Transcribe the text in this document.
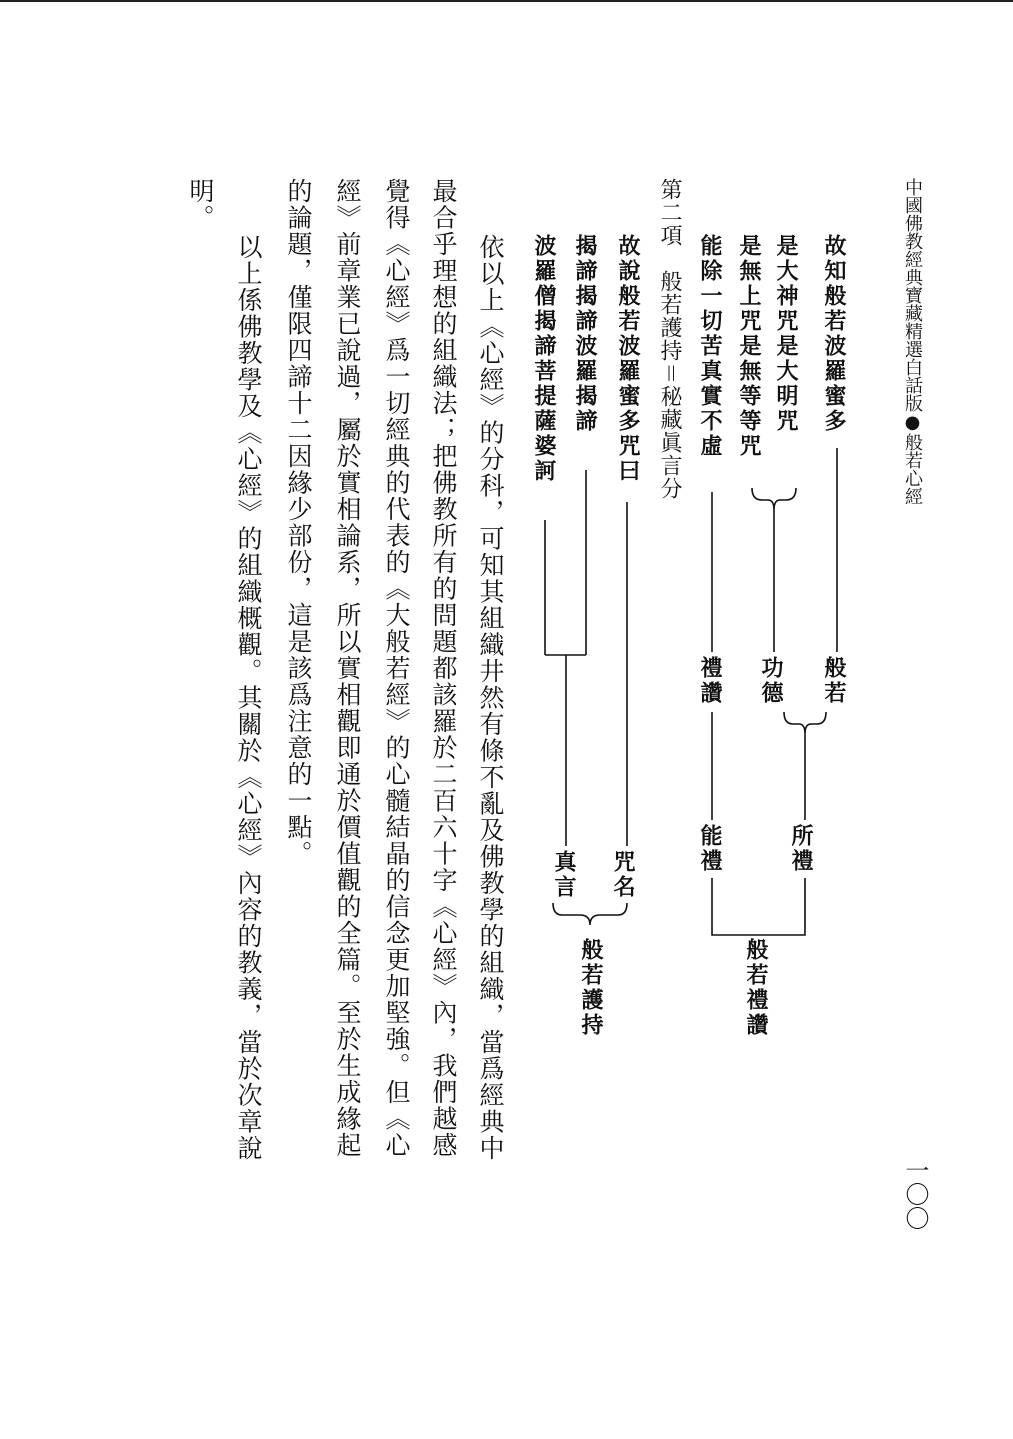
中國佛教經典寶藏精選白話版●般若心經
一〇〇
故知般若波羅蜜多
是大神咒是大明咒
是無上咒是無等等咒
能除一切苦真實不虛
般若
功德
禮讚
所禮
能禮
般若禮讚
第二項　般若護持＝秘藏眞言分
故說般若波羅蜜多咒曰
揭諦揭諦波羅揭諦
波羅僧揭諦菩提薩婆訶
咒名
真言
般若護持
依以上《心經》的分科，可知其組織井然有條不亂及佛教學的組織，當爲經典中
最合乎理想的組織法；把佛教所有的問題都該羅於二百六十字《心經》內，我們越感
覺得《心經》爲一切經典的代表的《大般若經》的心髓結晶的信念更加堅強。但《心
經》前章業已說過，屬於實相論系，所以實相觀即通於價值觀的全篇。至於生成緣起
的論題，僅限四諦十二因緣少部份，這是該爲注意的一點。
以上係佛教學及《心經》的組織概觀。其關於《心經》內容的教義，當於次章說
明。
